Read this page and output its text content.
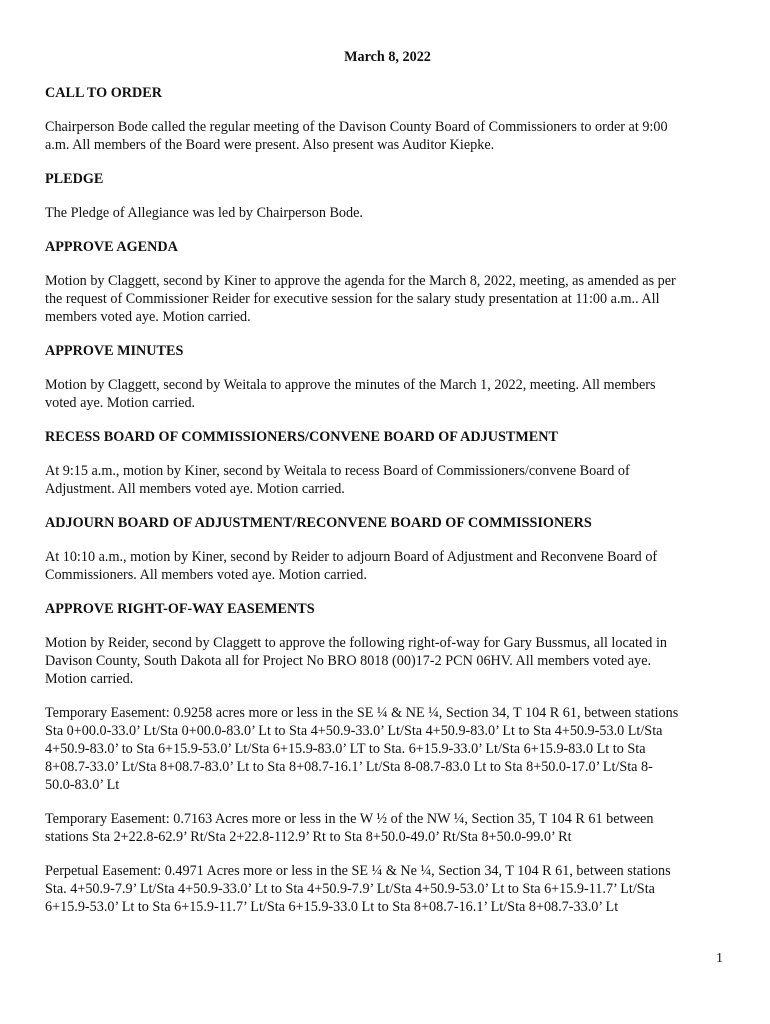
March 8, 2022
CALL TO ORDER
Chairperson Bode called the regular meeting of the Davison County Board of Commissioners to order at 9:00
a.m. All members of the Board were present. Also present was Auditor Kiepke.
PLEDGE
The Pledge of Allegiance was led by Chairperson Bode.
APPROVE AGENDA
Motion by Claggett, second by Kiner to approve the agenda for the March 8, 2022, meeting, as amended as per
the request of Commissioner Reider for executive session for the salary study presentation at 11:00 a.m.. All
members voted aye. Motion carried.
APPROVE MINUTES
Motion by Claggett, second by Weitala to approve the minutes of the March 1, 2022, meeting. All members
voted aye. Motion carried.
RECESS BOARD OF COMMISSIONERS/CONVENE BOARD OF ADJUSTMENT
At 9:15 a.m., motion by Kiner, second by Weitala to recess Board of Commissioners/convene Board of
Adjustment. All members voted aye. Motion carried.
ADJOURN BOARD OF ADJUSTMENT/RECONVENE BOARD OF COMMISSIONERS
At 10:10 a.m., motion by Kiner, second by Reider to adjourn Board of Adjustment and Reconvene Board of
Commissioners. All members voted aye. Motion carried.
APPROVE RIGHT-OF-WAY EASEMENTS
Motion by Reider, second by Claggett to approve the following right-of-way for Gary Bussmus, all located in
Davison County, South Dakota all for Project No BRO 8018 (00)17-2 PCN 06HV. All members voted aye.
Motion carried.
Temporary Easement: 0.9258 acres more or less in the SE ¼ & NE ¼, Section 34, T 104 R 61, between stations
Sta 0+00.0-33.0’ Lt/Sta 0+00.0-83.0’ Lt to Sta 4+50.9-33.0’ Lt/Sta 4+50.9-83.0’ Lt to Sta 4+50.9-53.0 Lt/Sta
4+50.9-83.0’ to Sta 6+15.9-53.0’ Lt/Sta 6+15.9-83.0’ LT to Sta. 6+15.9-33.0’ Lt/Sta 6+15.9-83.0 Lt to Sta
8+08.7-33.0’ Lt/Sta 8+08.7-83.0’ Lt to Sta 8+08.7-16.1’ Lt/Sta 8-08.7-83.0 Lt to Sta 8+50.0-17.0’ Lt/Sta 8-
50.0-83.0’ Lt
Temporary Easement: 0.7163 Acres more or less in the W ½ of the NW ¼, Section 35, T 104 R 61 between
stations Sta 2+22.8-62.9’ Rt/Sta 2+22.8-112.9’ Rt to Sta 8+50.0-49.0’ Rt/Sta 8+50.0-99.0’ Rt
Perpetual Easement: 0.4971 Acres more or less in the SE ¼ & Ne ¼, Section 34, T 104 R 61, between stations
Sta. 4+50.9-7.9’ Lt/Sta 4+50.9-33.0’ Lt to Sta 4+50.9-7.9’ Lt/Sta 4+50.9-53.0’ Lt to Sta 6+15.9-11.7’ Lt/Sta
6+15.9-53.0’ Lt to Sta 6+15.9-11.7’ Lt/Sta 6+15.9-33.0 Lt to Sta 8+08.7-16.1’ Lt/Sta 8+08.7-33.0’ Lt
1
